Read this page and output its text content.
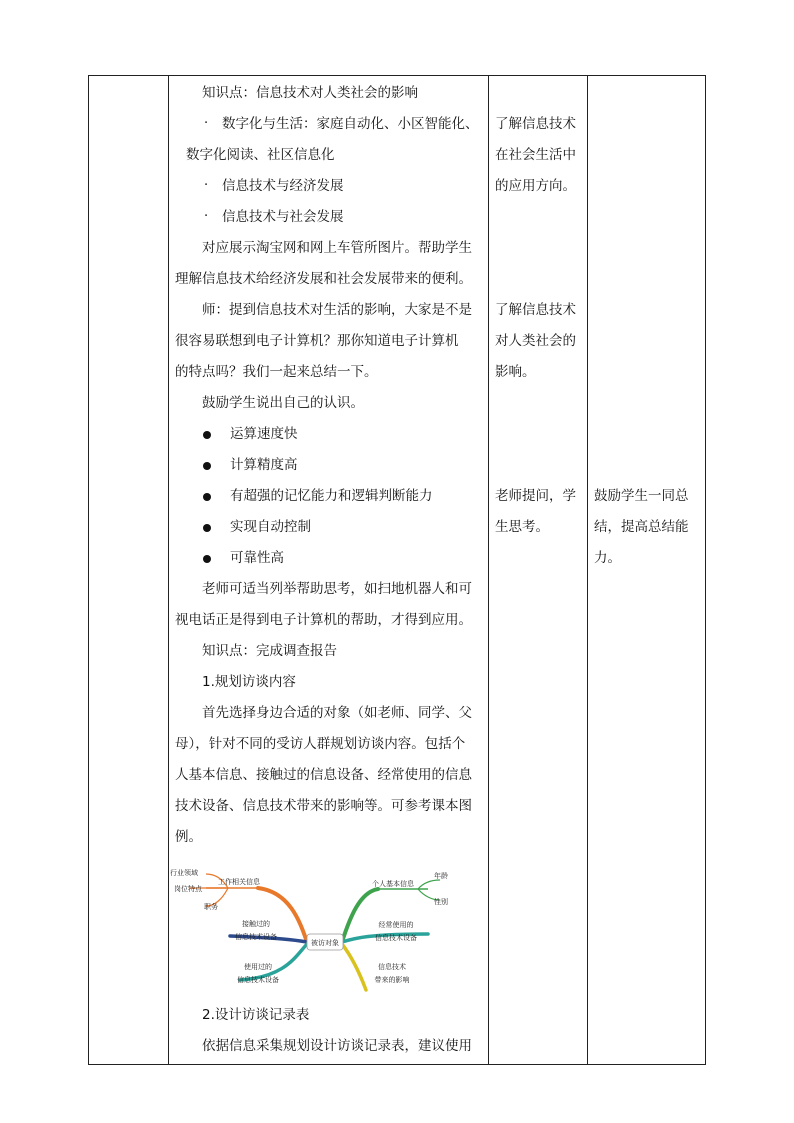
知识点：信息技术对人类社会的影响
· 数字化与生活：家庭自动化、小区智能化、
数字化阅读、社区信息化
· 信息技术与经济发展
· 信息技术与社会发展
对应展示淘宝网和网上车管所图片。帮助学生
理解信息技术给经济发展和社会发展带来的便利。
师：提到信息技术对生活的影响，大家是不是
很容易联想到电子计算机？那你知道电子计算机
的特点吗？我们一起来总结一下。
鼓励学生说出自己的认识。
运算速度快
计算精度高
有超强的记忆能力和逻辑判断能力
实现自动控制
可靠性高
老师可适当列举帮助思考，如扫地机器人和可
视电话正是得到电子计算机的帮助，才得到应用。
知识点：完成调查报告
1.规划访谈内容
首先选择身边合适的对象（如老师、同学、父
母），针对不同的受访人群规划访谈内容。包括个
人基本信息、接触过的信息设备、经常使用的信息
技术设备、信息技术带来的影响等。可参考课本图
例。
2.设计访谈记录表
依据信息采集规划设计访谈记录表，建议使用
了解信息技术
在社会生活中
的应用方向。
了解信息技术
对人类社会的
影响。
老师提问，学
生思考。
鼓励学生一同总
结，提高总结能
力。
被访对象
工作相关信息
行业领域
岗位特点
职务
个人基本信息
年龄
性别
接触过的
信息技术设备
经常使用的
信息技术设备
使用过的
信息技术设备
信息技术
带来的影响
